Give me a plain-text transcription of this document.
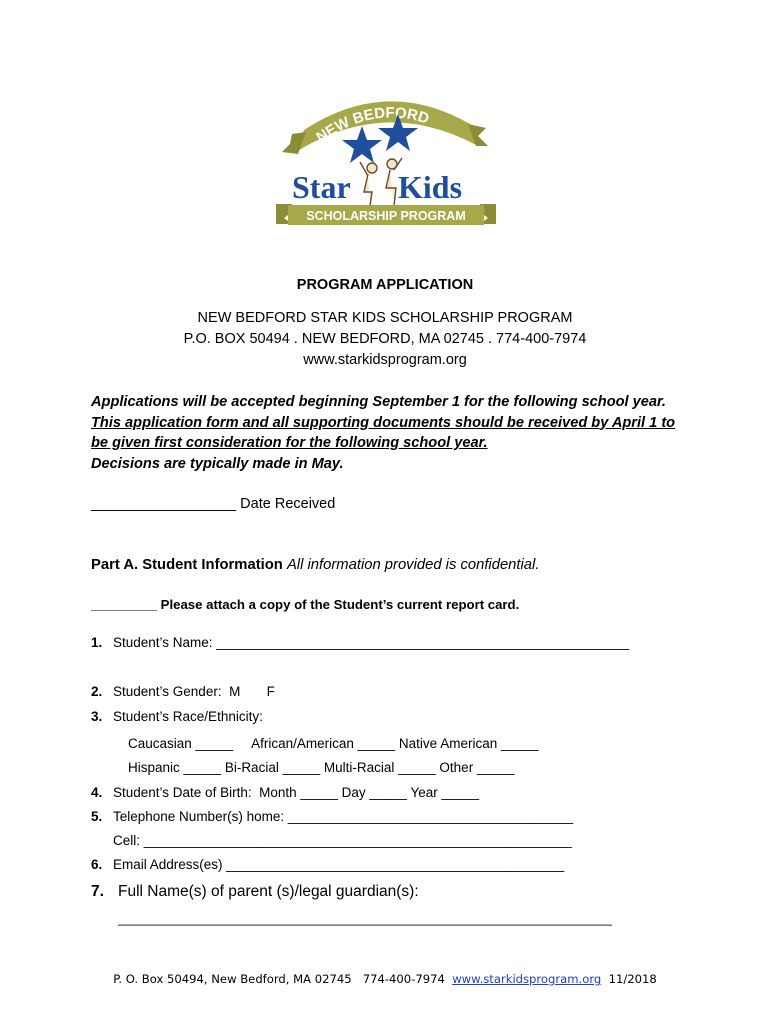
NEW BEDFORD
Star Kids
SCHOLARSHIP PROGRAM
PROGRAM APPLICATION
NEW BEDFORD STAR KIDS SCHOLARSHIP PROGRAM
P.O. BOX 50494 . NEW BEDFORD, MA 02745 . 774-400-7974
www.starkidsprogram.org
Applications will be accepted beginning September 1 for the following school year. This application form and all supporting documents should be received by April 1 to be given first consideration for the following school year.
Decisions are typically made in May.
__________________ Date Received
Part A. Student Information All information provided is confidential.
_________ Please attach a copy of the Student’s current report card.
1. Student’s Name: _______________________________________________________
2. Student’s Gender:  M       F
3. Student’s Race/Ethnicity:
Caucasian _____     African/American _____ Native American _____
Hispanic _____ Bi-Racial _____ Multi-Racial _____ Other _____
4. Student’s Date of Birth:  Month _____ Day _____ Year _____
5. Telephone Number(s) home: ______________________________________
Cell: _________________________________________________________
6. Email Address(es) _____________________________________________
7. Full Name(s) of parent (s)/legal guardian(s):
______________________________________________________________________
P. O. Box 50494, New Bedford, MA 02745   774-400-7974  www.starkidsprogram.org  11/2018
